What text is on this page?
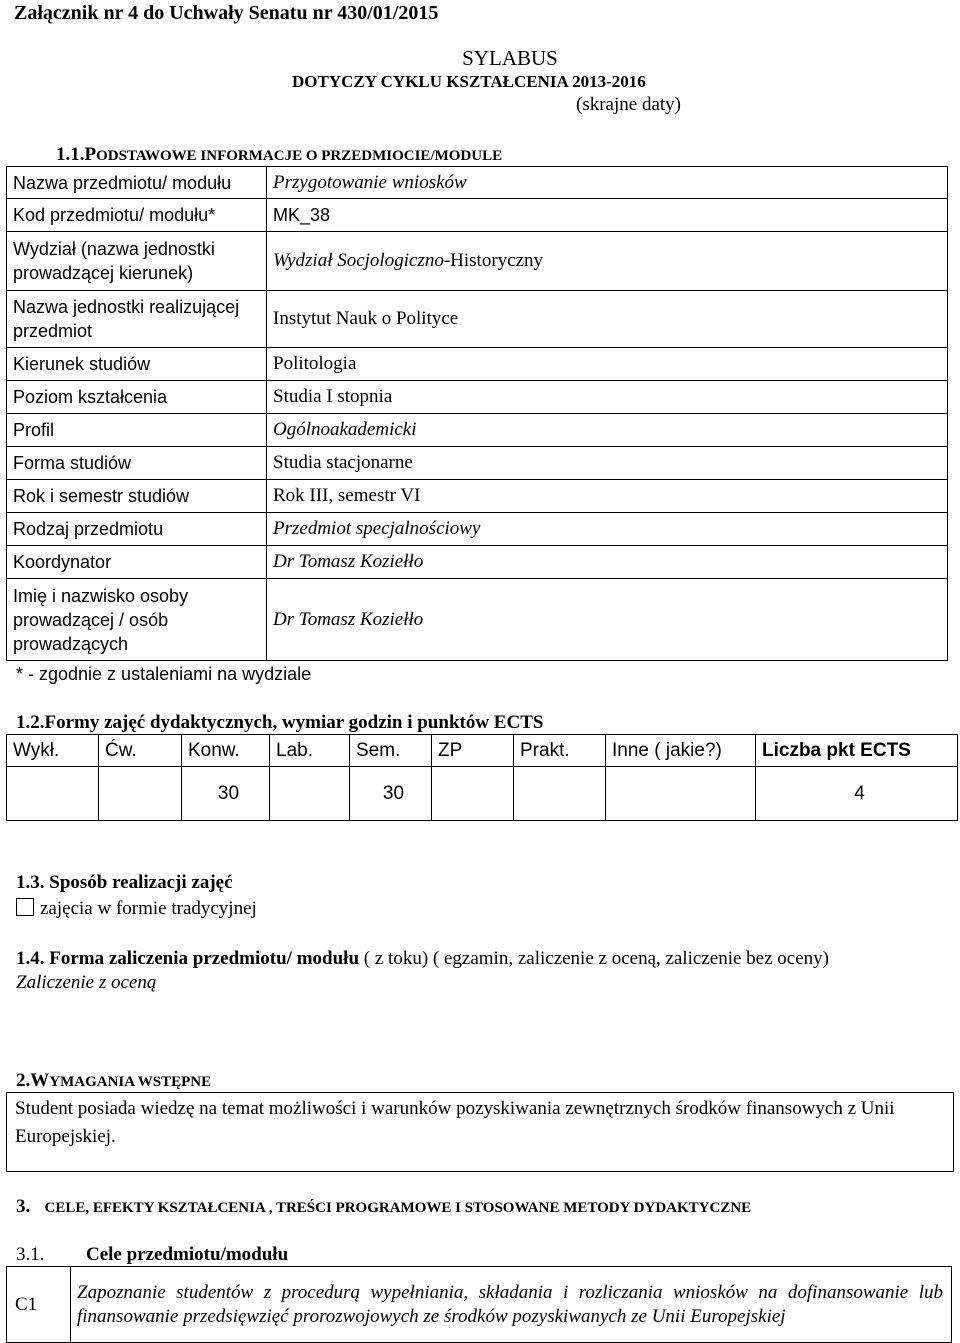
Załącznik nr 4 do Uchwały Senatu nr 430/01/2015
SYLABUS
DOTYCZY CYKLU KSZTAŁCENIA 2013-2016
(skrajne daty)
1.1.PODSTAWOWE INFORMACJE O PRZEDMIOCIE/MODULE
Nazwa przedmiotu/ modułu	Przygotowanie wniosków
Kod przedmiotu/ modułu*	MK_38
Wydział (nazwa jednostki prowadzącej kierunek)	Wydział Socjologiczno-Historyczny
Nazwa jednostki realizującej przedmiot	Instytut Nauk o Polityce
Kierunek studiów	Politologia
Poziom kształcenia	Studia I stopnia
Profil	Ogólnoakademicki
Forma studiów	Studia stacjonarne
Rok i semestr studiów	Rok III, semestr VI
Rodzaj przedmiotu	Przedmiot specjalnościowy
Koordynator	Dr Tomasz Koziełło
Imię i nazwisko osoby prowadzącej / osób prowadzących	Dr Tomasz Koziełło
* - zgodnie z ustaleniami na wydziale
1.2.Formy zajęć dydaktycznych, wymiar godzin i punktów ECTS
Wykł.	Ćw.	Konw.	Lab.	Sem.	ZP	Prakt.	Inne ( jakie?)	Liczba pkt ECTS
		30		30				4
1.3. Sposób realizacji zajęć
zajęcia w formie tradycyjnej
1.4. Forma zaliczenia przedmiotu/ modułu ( z toku) ( egzamin, zaliczenie z oceną, zaliczenie bez oceny)
Zaliczenie z oceną
2.WYMAGANIA WSTĘPNE
Student posiada wiedzę na temat możliwości i warunków pozyskiwania zewnętrznych środków finansowych z Unii Europejskiej.
3. CELE, EFEKTY KSZTAŁCENIA , TREŚCI PROGRAMOWE I STOSOWANE METODY DYDAKTYCZNE
3.1. Cele przedmiotu/modułu
C1	Zapoznanie studentów z procedurą wypełniania, składania i rozliczania wniosków na dofinansowanie lub finansowanie przedsięwzięć prorozwojowych ze środków pozyskiwanych ze Unii Europejskiej
